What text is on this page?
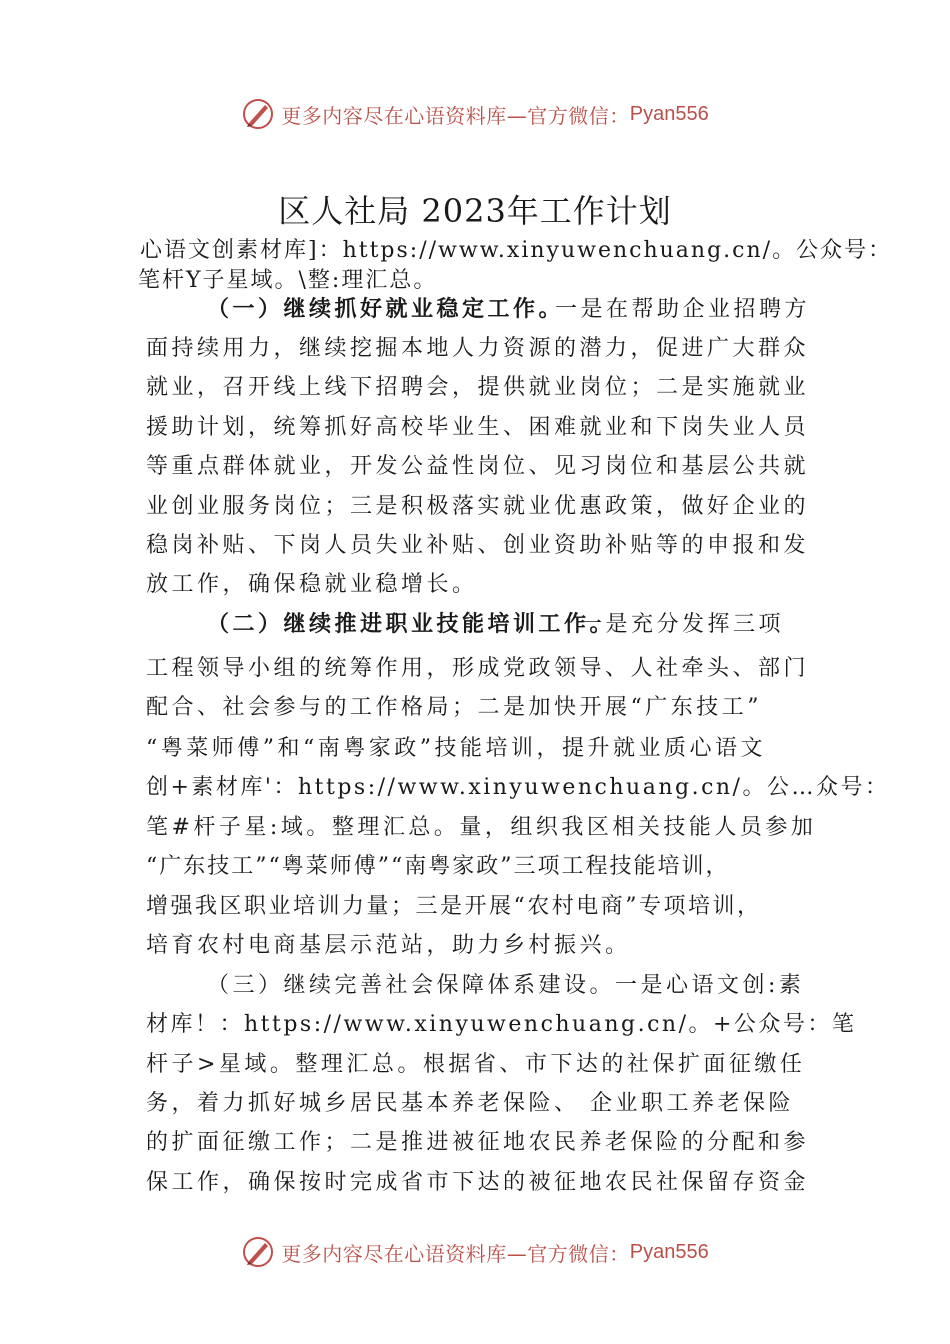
更多内容尽在心语资料库—官方微信： Pyan556
区人社局 2023年工作计划
心语文创素材库]：https://www.xinyuwenchuang.cn/。公众号：
笔杆Y子星域。\整:理汇总。
（一）继续抓好就业稳定工作。
一是在帮助企业招聘方
面持续用力，继续挖掘本地人力资源的潜力，促进广大群众
就业，召开线上线下招聘会，提供就业岗位；二是实施就业
援助计划，统筹抓好高校毕业生、困难就业和下岗失业人员
等重点群体就业，开发公益性岗位、见习岗位和基层公共就
业创业服务岗位；三是积极落实就业优惠政策，做好企业的
稳岗补贴、下岗人员失业补贴、创业资助补贴等的申报和发
放工作，确保稳就业稳增长。
（二）继续推进职业技能培训工作。
一是充分发挥三项
工程领导小组的统筹作用，形成党政领导、人社牵头、部门
配合、社会参与的工作格局；二是加快开展“广东技工”
“粤菜师傅”和“南粤家政”技能培训，提升就业质心语文
创+素材库'：https://www.xinyuwenchuang.cn/。公…众号：
笔#杆子星:域。整理汇总。量，组织我区相关技能人员参加
“广东技工”“粤菜师傅”“南粤家政”三项工程技能培训，
增强我区职业培训力量；三是开展“农村电商”专项培训，
培育农村电商基层示范站，助力乡村振兴。
（三）继续完善社会保障体系建设。一是心语文创:素
材库！：https://www.xinyuwenchuang.cn/。+公众号：笔
杆子>星域。整理汇总。根据省、市下达的社保扩面征缴任
务，着力抓好城乡居民基本养老保险、 企业职工养老保险
的扩面征缴工作；二是推进被征地农民养老保险的分配和参
保工作，确保按时完成省市下达的被征地农民社保留存资金
更多内容尽在心语资料库—官方微信： Pyan556
